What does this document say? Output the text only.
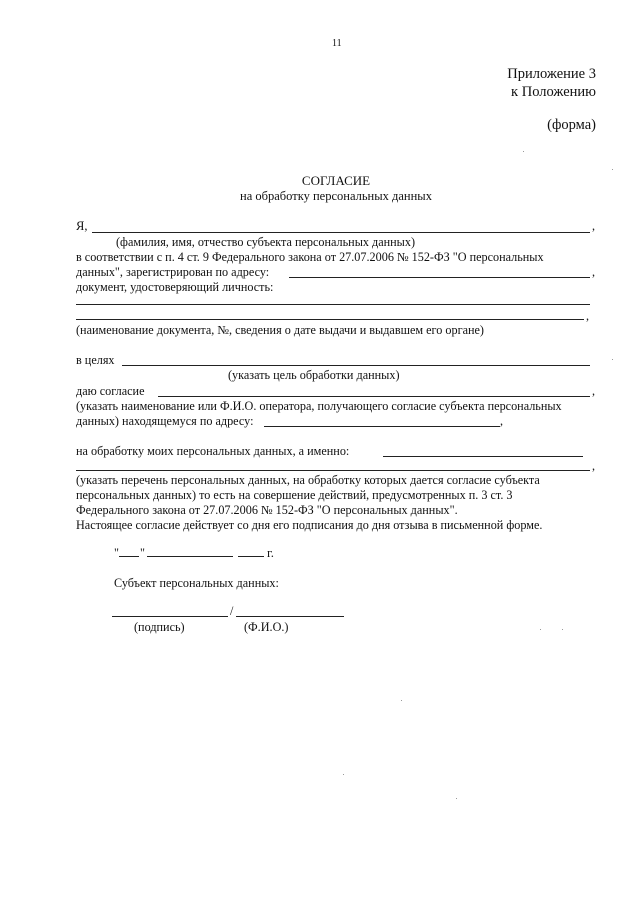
11
Приложение 3
к Положению
(форма)
СОГЛАСИЕ
на обработку персональных данных
Я,	,
(фамилия, имя, отчество субъекта персональных данных)
в соответствии с п. 4 ст. 9 Федерального закона от 27.07.2006 № 152-ФЗ "О персональных
данных", зарегистрирован по адресу:	,
документ, удостоверяющий личность:
,
(наименование документа, №, сведения о дате выдачи и выдавшем его органе)
в целях
(указать цель обработки данных)
даю согласие	,
(указать наименование или Ф.И.О. оператора, получающего согласие субъекта персональных
данных) находящемуся по адресу:	,
на обработку моих персональных данных, а именно:
,
(указать перечень персональных данных, на обработку которых дается согласие субъекта
персональных данных) то есть на совершение действий, предусмотренных п. 3 ст. 3
Федерального закона от 27.07.2006 № 152-ФЗ "О персональных данных".
Настоящее согласие действует со дня его подписания до дня отзыва в письменной форме.
" "	г.
Субъект персональных данных:
/
(подпись)	(Ф.И.О.)
